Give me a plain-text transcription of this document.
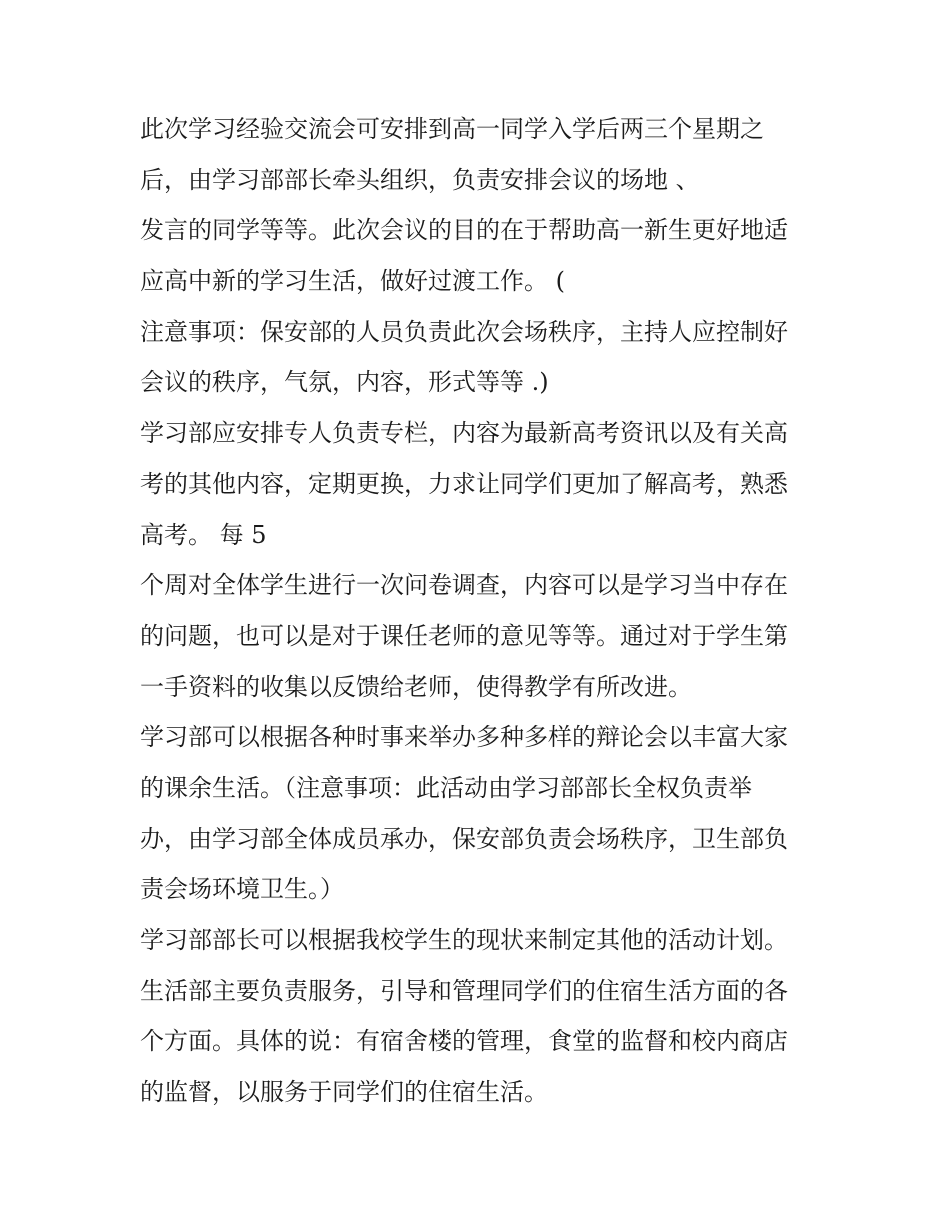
此次学习经验交流会可安排到高一同学入学后两三个星期之
后，由学习部部长牵头组织，负责安排会议的场地 、
发言的同学等等。此次会议的目的在于帮助高一新生更好地适
应高中新的学习生活，做好过渡工作。 (
注意事项：保安部的人员负责此次会场秩序，主持人应控制好
会议的秩序，气氛，内容，形式等等 .)
学习部应安排专人负责专栏，内容为最新高考资讯以及有关高
考的其他内容，定期更换，力求让同学们更加了解高考，熟悉
高考。 每 5
个周对全体学生进行一次问卷调查，内容可以是学习当中存在
的问题，也可以是对于课任老师的意见等等。通过对于学生第
一手资料的收集以反馈给老师，使得教学有所改进。
学习部可以根据各种时事来举办多种多样的辩论会以丰富大家
的课余生活。（注意事项：此活动由学习部部长全权负责举
办，由学习部全体成员承办，保安部负责会场秩序，卫生部负
责会场环境卫生。）
学习部部长可以根据我校学生的现状来制定其他的活动计划。
生活部主要负责服务，引导和管理同学们的住宿生活方面的各
个方面。具体的说：有宿舍楼的管理，食堂的监督和校内商店
的监督，以服务于同学们的住宿生活。
